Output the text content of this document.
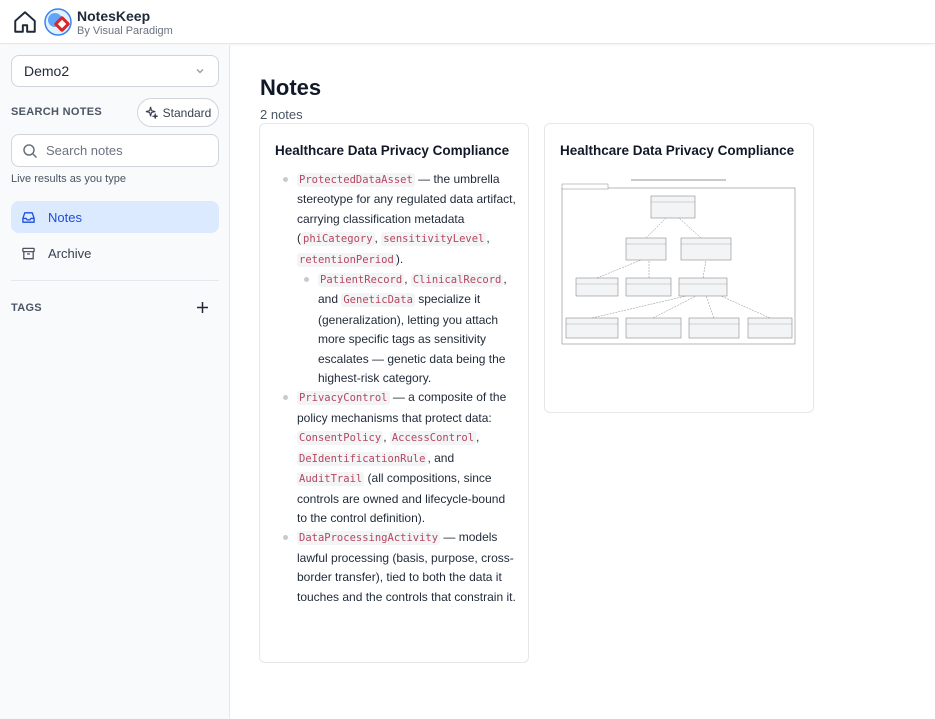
NotesKeep
By Visual Paradigm
Demo2
SEARCH NOTES	Standard
Search notes
Live results as you type
Notes
Archive
TAGS
Notes
2 notes
Healthcare Data Privacy Compliance
ProtectedDataAsset — the umbrella stereotype for any regulated data artifact, carrying classification metadata ( phiCategory , sensitivityLevel , retentionPeriod ).
PatientRecord , ClinicalRecord , and GeneticData specialize it (generalization), letting you attach more specific tags as sensitivity escalates — genetic data being the highest-risk category.
PrivacyControl — a composite of the policy mechanisms that protect data: ConsentPolicy , AccessControl , DeIdentificationRule , and AuditTrail (all compositions, since controls are owned and lifecycle-bound to the control definition).
DataProcessingActivity — models lawful processing (basis, purpose, cross-border transfer), tied to both the data it touches and the controls that constrain it.
Healthcare Data Privacy Compliance
